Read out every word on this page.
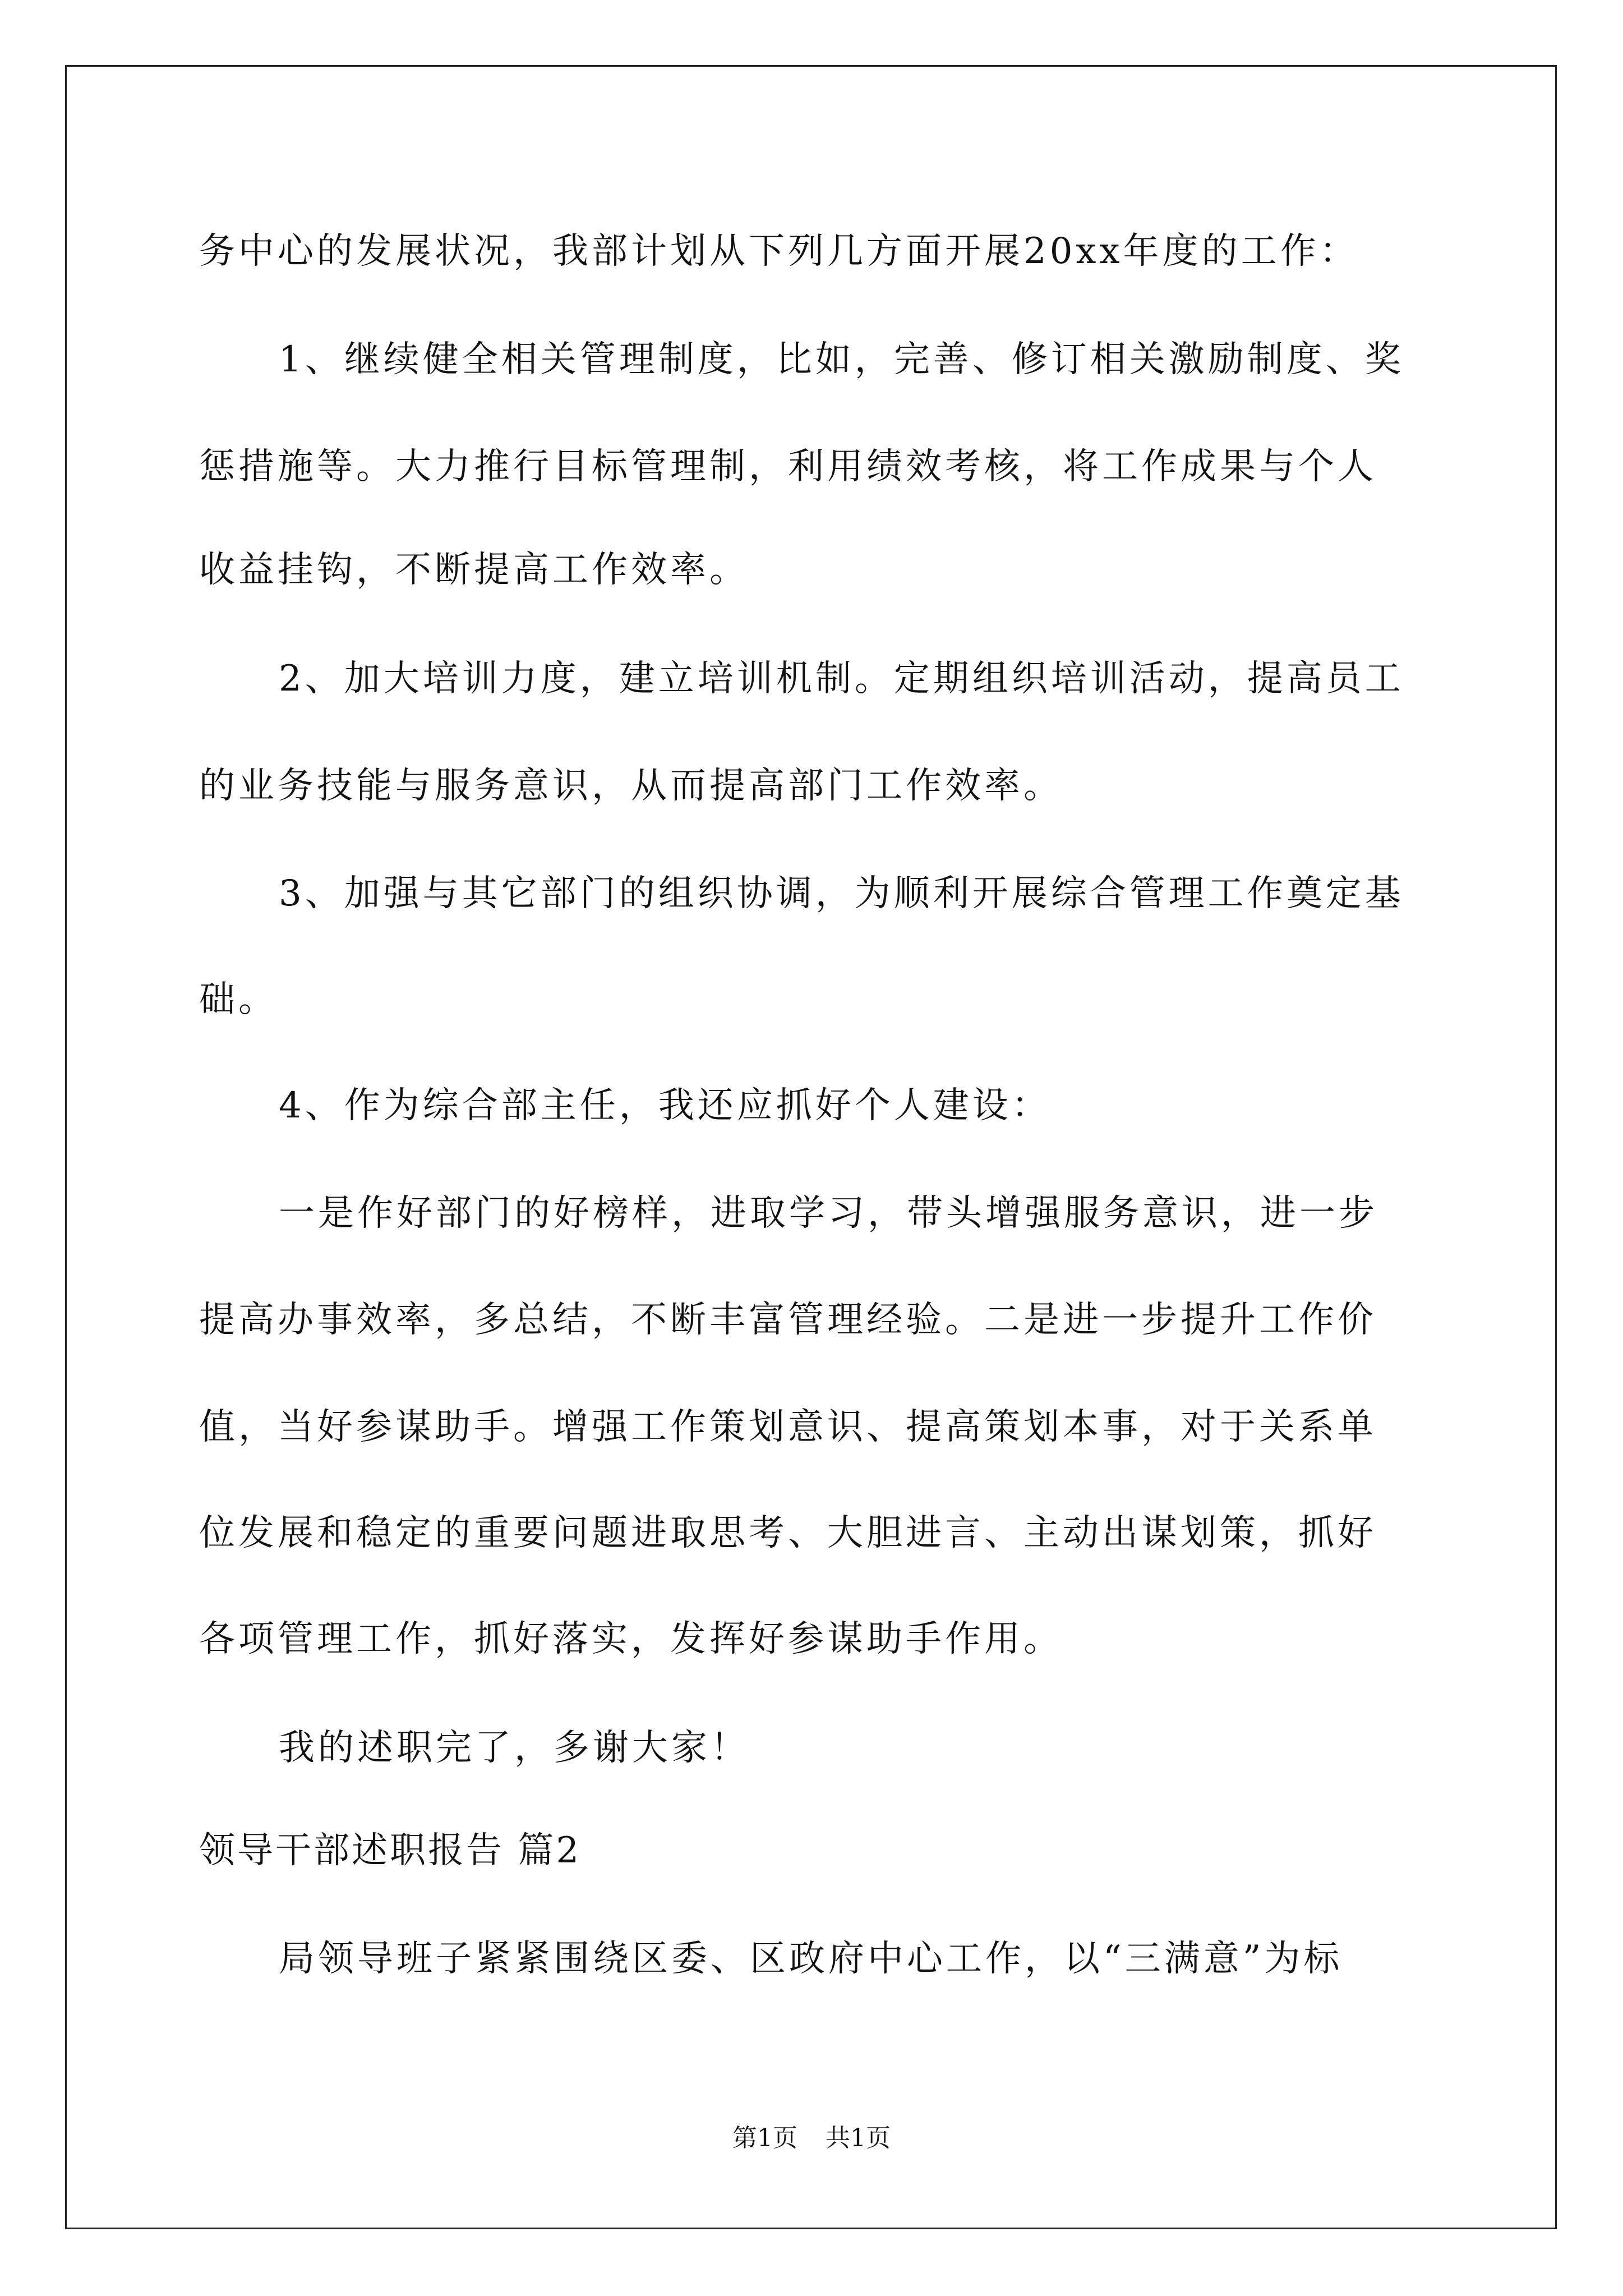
务中心的发展状况，我部计划从下列几方面开展20xx年度的工作：
1、继续健全相关管理制度，比如，完善、修订相关激励制度、奖
惩措施等。大力推行目标管理制，利用绩效考核，将工作成果与个人
收益挂钩，不断提高工作效率。
2、加大培训力度，建立培训机制。定期组织培训活动，提高员工
的业务技能与服务意识，从而提高部门工作效率。
3、加强与其它部门的组织协调，为顺利开展综合管理工作奠定基
础。
4、作为综合部主任，我还应抓好个人建设：
一是作好部门的好榜样，进取学习，带头增强服务意识，进一步
提高办事效率，多总结，不断丰富管理经验。二是进一步提升工作价
值，当好参谋助手。增强工作策划意识、提高策划本事，对于关系单
位发展和稳定的重要问题进取思考、大胆进言、主动出谋划策，抓好
各项管理工作，抓好落实，发挥好参谋助手作用。
我的述职完了，多谢大家！
领导干部述职报告 篇2
局领导班子紧紧围绕区委、区政府中心工作，以“三满意”为标
第1页 共1页
